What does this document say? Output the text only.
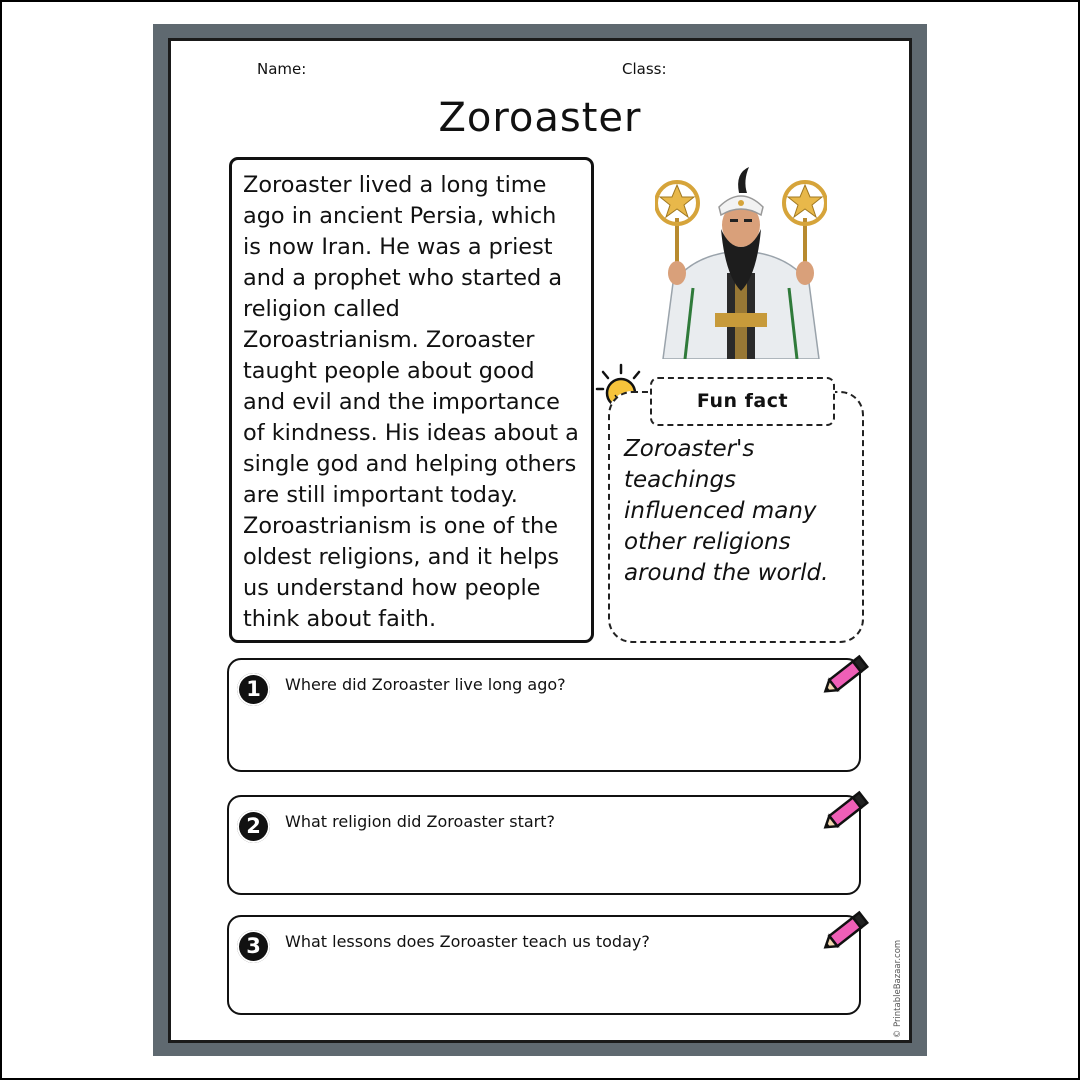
Name:	Class:
Zoroaster

Zoroaster lived a long time ago in ancient Persia, which is now Iran. He was a priest and a prophet who started a religion called Zoroastrianism. Zoroaster taught people about good and evil and the importance of kindness. His ideas about a single god and helping others are still important today. Zoroastrianism is one of the oldest religions, and it helps us understand how people think about faith.

Fun fact

Zoroaster's teachings influenced many other religions around the world.

1	Where did Zoroaster live long ago?
2	What religion did Zoroaster start?
3	What lessons does Zoroaster teach us today?	© PrintableBazaar.com
